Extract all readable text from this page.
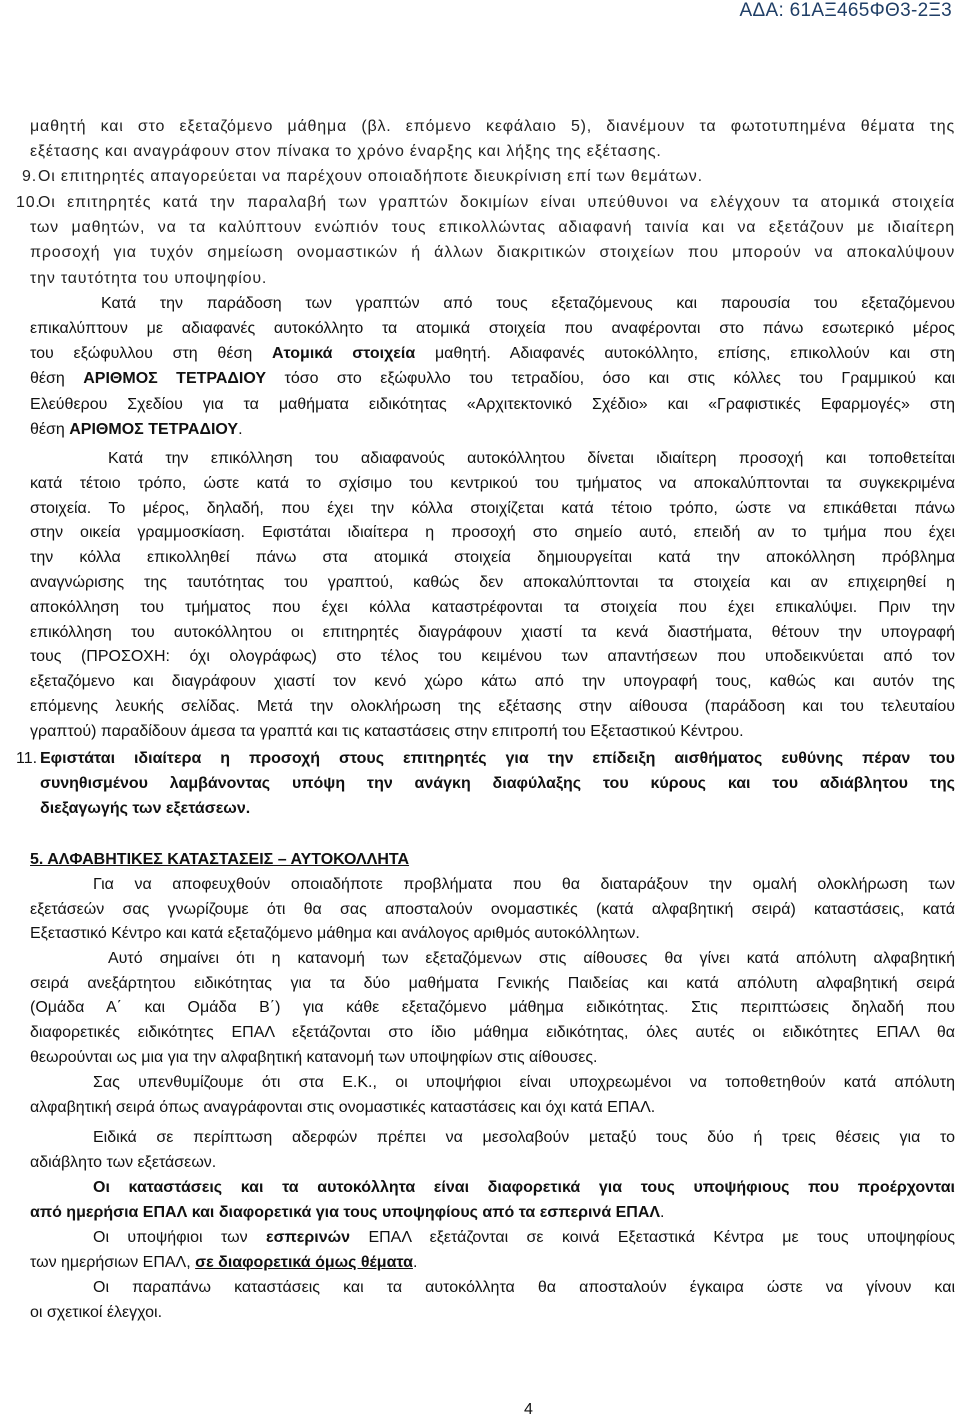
ΑΔΑ: 61ΑΞ465ΦΘ3-2Ξ3
μαθητή και στο εξεταζόμενο μάθημα (βλ. επόμενο κεφάλαιο 5), διανέμουν τα φωτοτυπημένα θέματα της
εξέτασης και αναγράφουν στον πίνακα το χρόνο έναρξης και λήξης της εξέτασης.
9. Οι επιτηρητές απαγορεύεται να παρέχουν οποιαδήποτε διευκρίνιση επί των θεμάτων.
10.
Οι επιτηρητές κατά την παραλαβή των γραπτών δοκιμίων είναι υπεύθυνοι να ελέγχουν τα ατομικά στοιχεία
των μαθητών, να τα καλύπτουν ενώπιόν τους επικολλώντας αδιαφανή ταινία και να εξετάζουν με ιδιαίτερη
προσοχή για τυχόν σημείωση ονομαστικών ή άλλων διακριτικών στοιχείων που μπορούν να αποκαλύψουν
την ταυτότητα του υποψηφίου.
Κατά την παράδοση των γραπτών από τους εξεταζόμενους και παρουσία του εξεταζόμενου
επικαλύπτουν με αδιαφανές αυτοκόλλητο τα ατομικά στοιχεία που αναφέρονται στο πάνω εσωτερικό μέρος
του εξώφυλλου στη θέση Ατομικά στοιχεία μαθητή. Αδιαφανές αυτοκόλλητο, επίσης, επικολλούν και στη
θέση ΑΡΙΘΜΟΣ ΤΕΤΡΑΔΙΟΥ τόσο στο εξώφυλλο του τετραδίου, όσο και στις κόλλες του Γραμμικού και
Ελεύθερου Σχεδίου για τα μαθήματα ειδικότητας «Αρχιτεκτονικό Σχέδιο» και «Γραφιστικές Εφαρμογές» στη
θέση ΑΡΙΘΜΟΣ ΤΕΤΡΑΔΙΟΥ.
Κατά την επικόλληση του αδιαφανούς αυτοκόλλητου δίνεται ιδιαίτερη προσοχή και τοποθετείται
κατά τέτοιο τρόπο, ώστε κατά το σχίσιμο του κεντρικού του τμήματος να αποκαλύπτονται τα συγκεκριμένα
στοιχεία. Το μέρος, δηλαδή, που έχει την κόλλα στοιχίζεται κατά τέτοιο τρόπο, ώστε να επικάθεται πάνω
στην οικεία γραμμοσκίαση. Εφιστάται ιδιαίτερα η προσοχή στο σημείο αυτό, επειδή αν το τμήμα που έχει
την κόλλα επικολληθεί πάνω στα ατομικά στοιχεία δημιουργείται κατά την αποκόλληση πρόβλημα
αναγνώρισης της ταυτότητας του γραπτού, καθώς δεν αποκαλύπτονται τα στοιχεία και αν επιχειρηθεί η
αποκόλληση του τμήματος που έχει κόλλα καταστρέφονται τα στοιχεία που έχει επικαλύψει. Πριν την
επικόλληση του αυτοκόλλητου οι επιτηρητές διαγράφουν χιαστί τα κενά διαστήματα, θέτουν την υπογραφή
τους (ΠΡΟΣΟΧΗ: όχι ολογράφως) στο τέλος του κειμένου των απαντήσεων που υποδεικνύεται από τον
εξεταζόμενο και διαγράφουν χιαστί τον κενό χώρο κάτω από την υπογραφή τους, καθώς και αυτόν της
επόμενης λευκής σελίδας. Μετά την ολοκλήρωση της εξέτασης στην αίθουσα (παράδοση και του τελευταίου
γραπτού) παραδίδουν άμεσα τα γραπτά και τις καταστάσεις στην επιτροπή του Εξεταστικού Κέντρου.
11. Εφιστάται ιδιαίτερα η προσοχή στους επιτηρητές για την επίδειξη αισθήματος ευθύνης πέραν του
συνηθισμένου λαμβάνοντας υπόψη την ανάγκη διαφύλαξης του κύρους και του αδιάβλητου της
διεξαγωγής των εξετάσεων.
5. ΑΛΦΑΒΗΤΙΚΕΣ ΚΑΤΑΣΤΑΣΕΙΣ – ΑΥΤΟΚΟΛΛΗΤΑ
Για να αποφευχθούν οποιαδήποτε προβλήματα που θα διαταράξουν την ομαλή ολοκλήρωση των
εξετάσεών σας γνωρίζουμε ότι θα σας αποσταλούν ονομαστικές (κατά αλφαβητική σειρά) καταστάσεις, κατά
Εξεταστικό Κέντρο και κατά εξεταζόμενο μάθημα και ανάλογος αριθμός αυτοκόλλητων.
Αυτό σημαίνει ότι η κατανομή των εξεταζόμενων στις αίθουσες θα γίνει κατά απόλυτη αλφαβητική
σειρά ανεξάρτητου ειδικότητας για τα δύο μαθήματα Γενικής Παιδείας και κατά απόλυτη αλφαβητική σειρά
(Ομάδα Α΄ και Ομάδα Β΄) για κάθε εξεταζόμενο μάθημα ειδικότητας. Στις περιπτώσεις δηλαδή που
διαφορετικές ειδικότητες ΕΠΑΛ εξετάζονται στο ίδιο μάθημα ειδικότητας, όλες αυτές οι ειδικότητες ΕΠΑΛ θα
θεωρούνται ως μια για την αλφαβητική κατανομή των υποψηφίων στις αίθουσες.
Σας υπενθυμίζουμε ότι στα Ε.Κ., οι υποψήφιοι είναι υποχρεωμένοι να τοποθετηθούν κατά απόλυτη
αλφαβητική σειρά όπως αναγράφονται στις ονομαστικές καταστάσεις και όχι κατά ΕΠΑΛ.
Ειδικά σε περίπτωση αδερφών πρέπει να μεσολαβούν μεταξύ τους δύο ή τρεις θέσεις για το
αδιάβλητο των εξετάσεων.
Οι καταστάσεις και τα αυτοκόλλητα είναι διαφορετικά για τους υποψήφιους που προέρχονται
από ημερήσια ΕΠΑΛ και διαφορετικά για τους υποψηφίους από τα εσπερινά ΕΠΑΛ.
Οι υποψήφιοι των εσπερινών ΕΠΑΛ εξετάζονται σε κοινά Εξεταστικά Κέντρα με τους υποψηφίους
των ημερήσιων ΕΠΑΛ, σε διαφορετικά όμως θέματα.
Οι παραπάνω καταστάσεις και τα αυτοκόλλητα θα αποσταλούν έγκαιρα ώστε να γίνουν και
οι σχετικοί έλεγχοι.
4
